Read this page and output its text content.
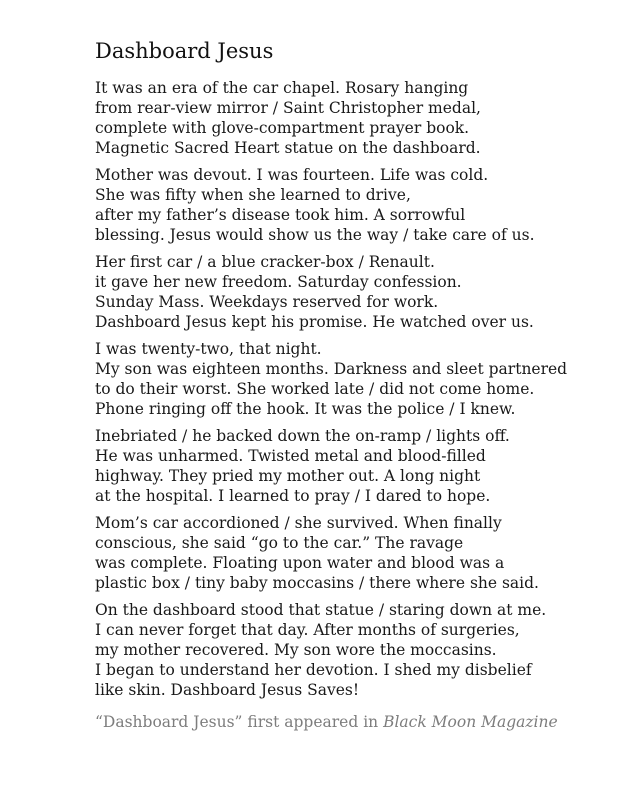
Dashboard Jesus
It was an era of the car chapel. Rosary hanging
from rear-view mirror / Saint Christopher medal,
complete with glove-compartment prayer book.
Magnetic Sacred Heart statue on the dashboard.
Mother was devout. I was fourteen. Life was cold.
She was fifty when she learned to drive,
after my father’s disease took him. A sorrowful
blessing. Jesus would show us the way / take care of us.
Her first car / a blue cracker-box / Renault.
it gave her new freedom. Saturday confession.
Sunday Mass. Weekdays reserved for work.
Dashboard Jesus kept his promise. He watched over us.
I was twenty-two, that night.
My son was eighteen months. Darkness and sleet partnered
to do their worst. She worked late / did not come home.
Phone ringing off the hook. It was the police / I knew.
Inebriated / he backed down the on-ramp / lights off.
He was unharmed. Twisted metal and blood-filled
highway. They pried my mother out. A long night
at the hospital. I learned to pray / I dared to hope.
Mom’s car accordioned / she survived. When finally
conscious, she said “go to the car.” The ravage
was complete. Floating upon water and blood was a
plastic box / tiny baby moccasins / there where she said.
On the dashboard stood that statue / staring down at me.
I can never forget that day. After months of surgeries,
my mother recovered. My son wore the moccasins.
I began to understand her devotion. I shed my disbelief
like skin. Dashboard Jesus Saves!
“Dashboard Jesus” first appeared in Black Moon Magazine
